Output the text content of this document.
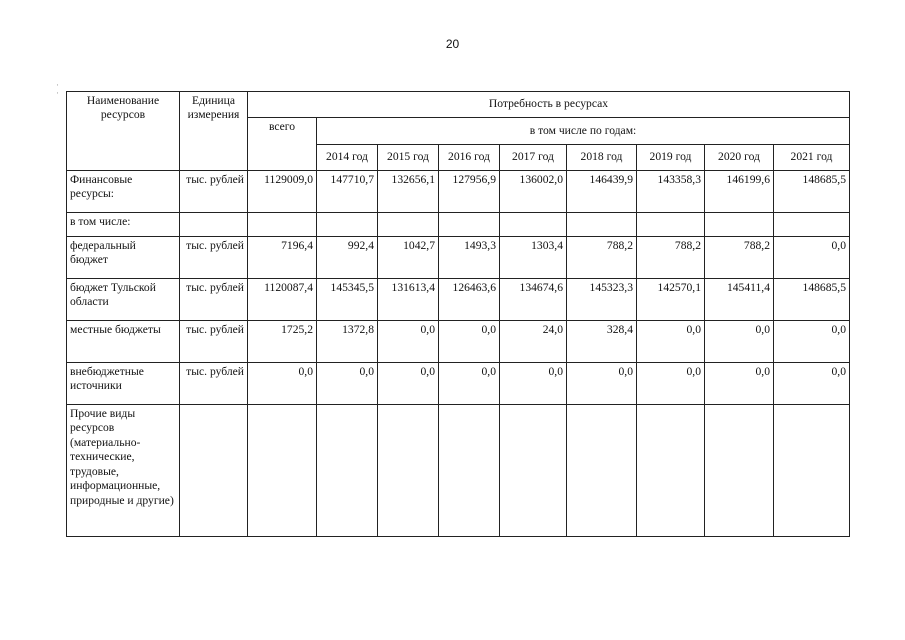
20
·
·
Наименование ресурсов	Единица измерения	Потребность в ресурсах								
		всего	в том числе по годам:							
			2014 год	2015 год	2016 год	2017 год	2018 год	2019 год	2020 год	2021 год
Финансовые ресурсы:	тыс. рублей	1129009,0	147710,7	132656,1	127956,9	136002,0	146439,9	143358,3	146199,6	148685,5
в том числе:										
федеральный бюджет	тыс. рублей	7196,4	992,4	1042,7	1493,3	1303,4	788,2	788,2	788,2	0,0
бюджет Тульской области	тыс. рублей	1120087,4	145345,5	131613,4	126463,6	134674,6	145323,3	142570,1	145411,4	148685,5
местные бюджеты	тыс. рублей	1725,2	1372,8	0,0	0,0	24,0	328,4	0,0	0,0	0,0
внебюджетные источники	тыс. рублей	0,0	0,0	0,0	0,0	0,0	0,0	0,0	0,0	0,0
Прочие виды ресурсов (материально-технические, трудовые, информационные, природные и другие)										
